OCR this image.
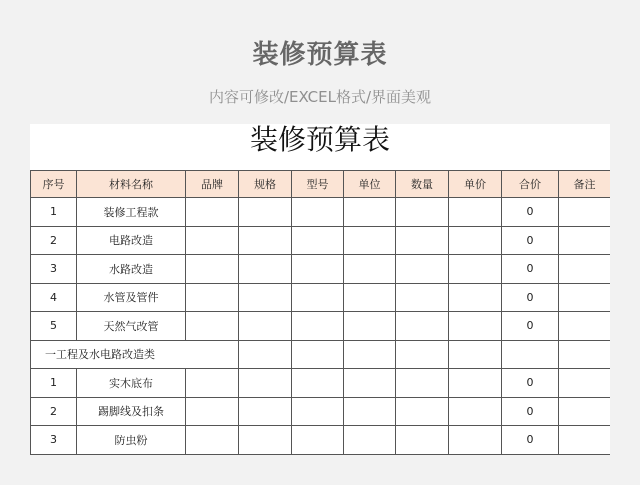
装修预算表
内容可修改/EXCEL格式/界面美观
装修预算表
序号	材料名称	品牌	规格	型号	单位	数量	单价	合价	备注
1	装修工程款							0	
2	电路改造							0	
3	水路改造							0	
4	水管及管件							0	
5	天然气改管							0	
一工程及水电路改造类									
1	实木底布							0	
2	踢脚线及扣条							0	
3	防虫粉							0	
